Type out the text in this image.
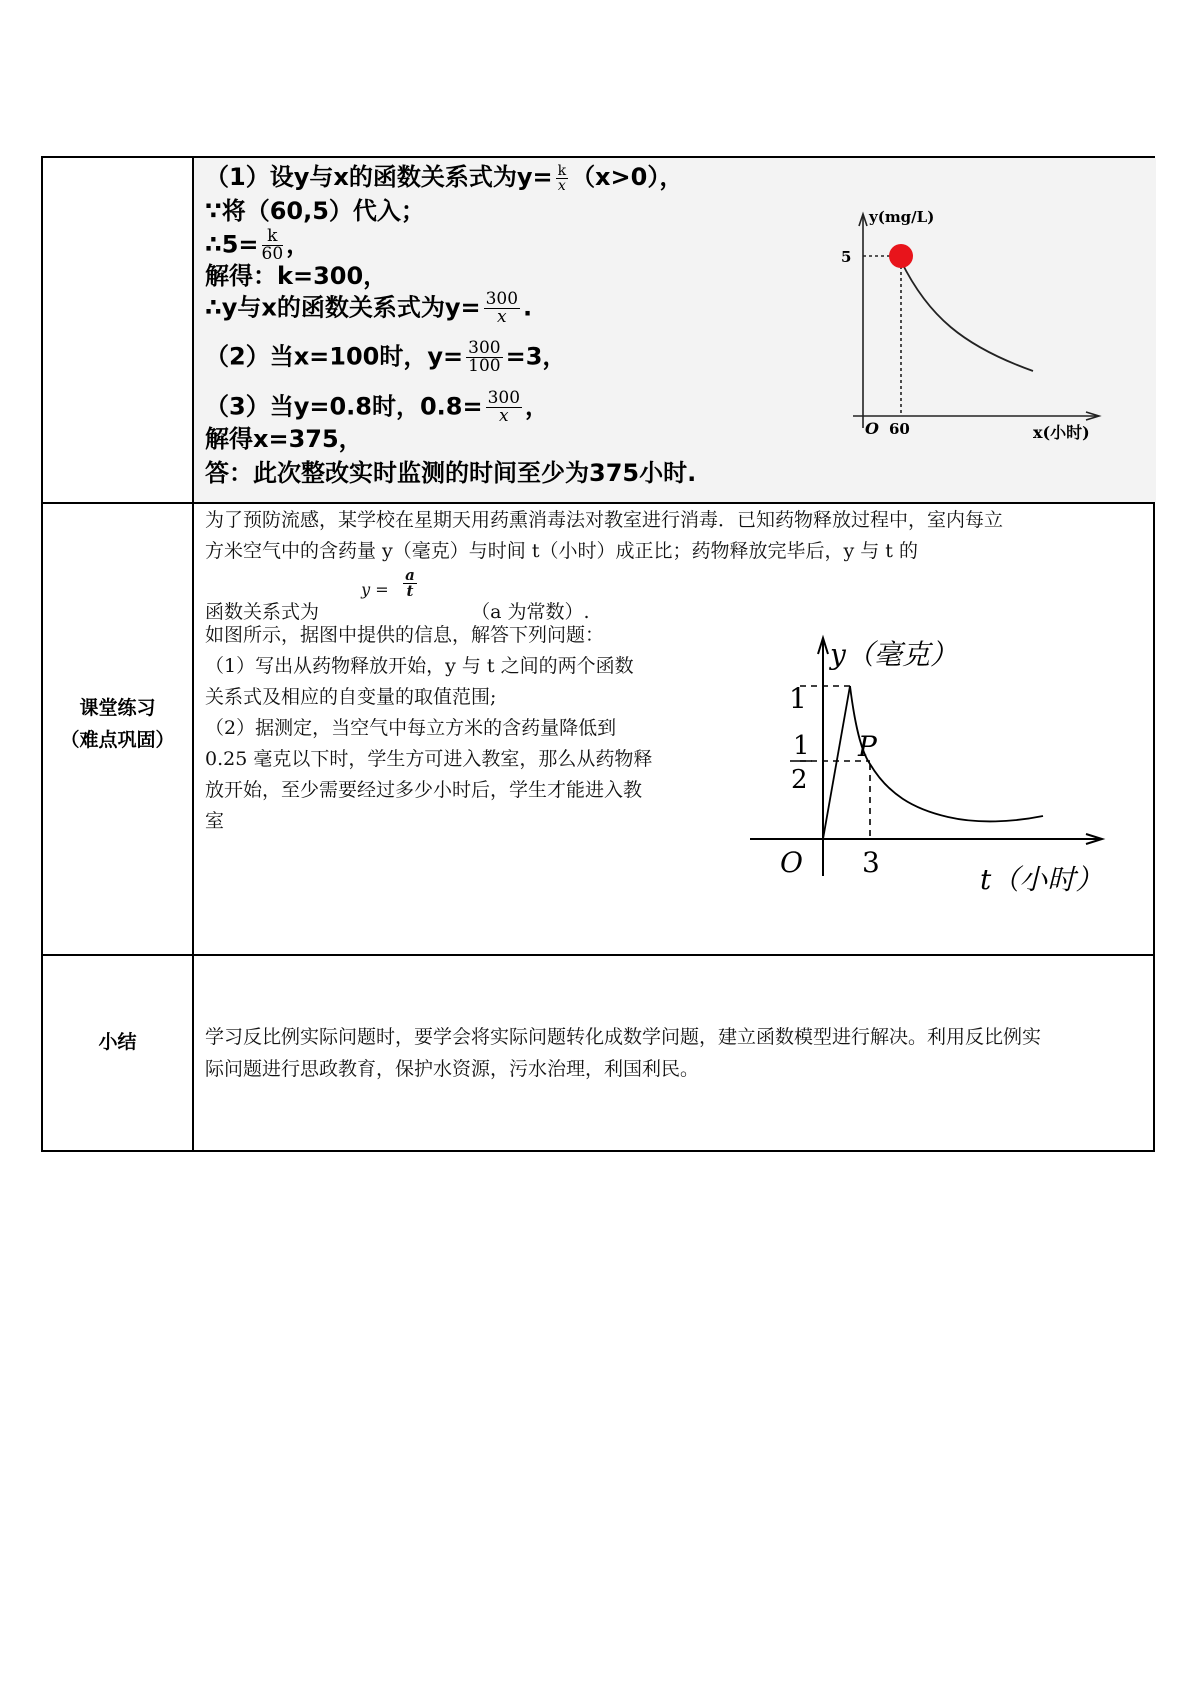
（1）设y与x的函数关系式为$y= \frac{k}{x} (x>0)$，
∵将（60,5）代入；
∴5= $\frac{k}{60}$ ，
解得：k=300，
∴y与x的函数关系式为$y= \frac{300}{x}$ .
（2）当x=100时，$y= \frac{300}{100} =3$，
（3）当y=0.8时，$0.8= \frac{300}{x}$ ，
解得x=375，
答：此次整改实时监测的时间至少为375小时.
y(mg/L)
5
O 60	x(小时)
课堂练习
（难点巩固）
为了预防流感，某学校在星期天用药熏消毒法对教室进行消毒．已知药物释放过程中，室内每立
方米空气中的含药量 y（毫克）与时间 t（小时）成正比；药物释放完毕后，y 与 t 的
函数关系式为
$y = \frac{a}{t}$
（a 为常数）.
如图所示，据图中提供的信息，解答下列问题：
（1）写出从药物释放开始，y 与 t 之间的两个函数
关系式及相应的自变量的取值范围;
（2）据测定，当空气中每立方米的含药量降低到
0.25 毫克以下时，学生方可进入教室，那么从药物释
放开始，至少需要经过多少小时后，学生才能进入教
室
y（毫克）
1
1
2
P
O 3
t（小时）
小结	学习反比例实际问题时，要学会将实际问题转化成数学问题，建立函数模型进行解决。利用反比例实
际问题进行思政教育，保护水资源，污水治理，利国利民。
